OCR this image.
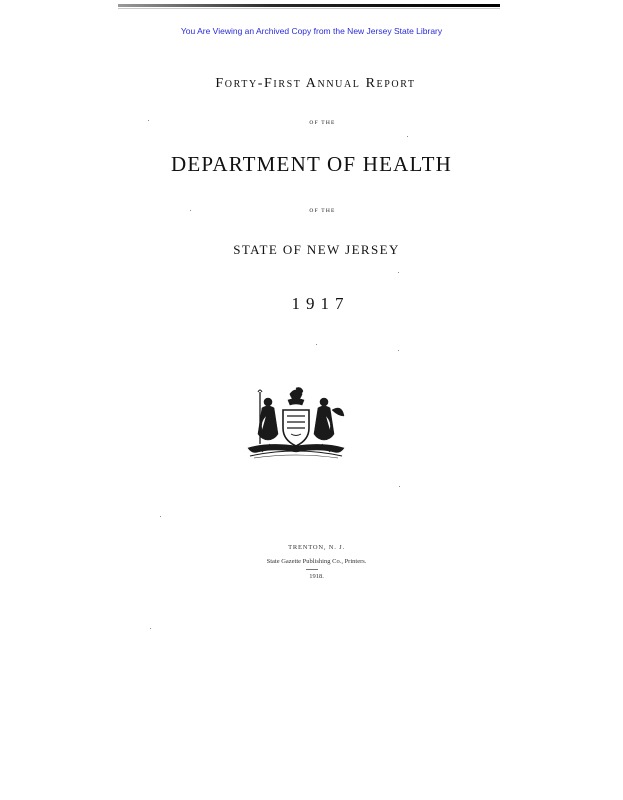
You Are Viewing an Archived Copy from the New Jersey State Library
Forty-First Annual Report
OF THE
DEPARTMENT OF HEALTH
OF THE
STATE OF NEW JERSEY
1917
TRENTON, N. J.
State Gazette Publishing Co., Printers.
1918.
